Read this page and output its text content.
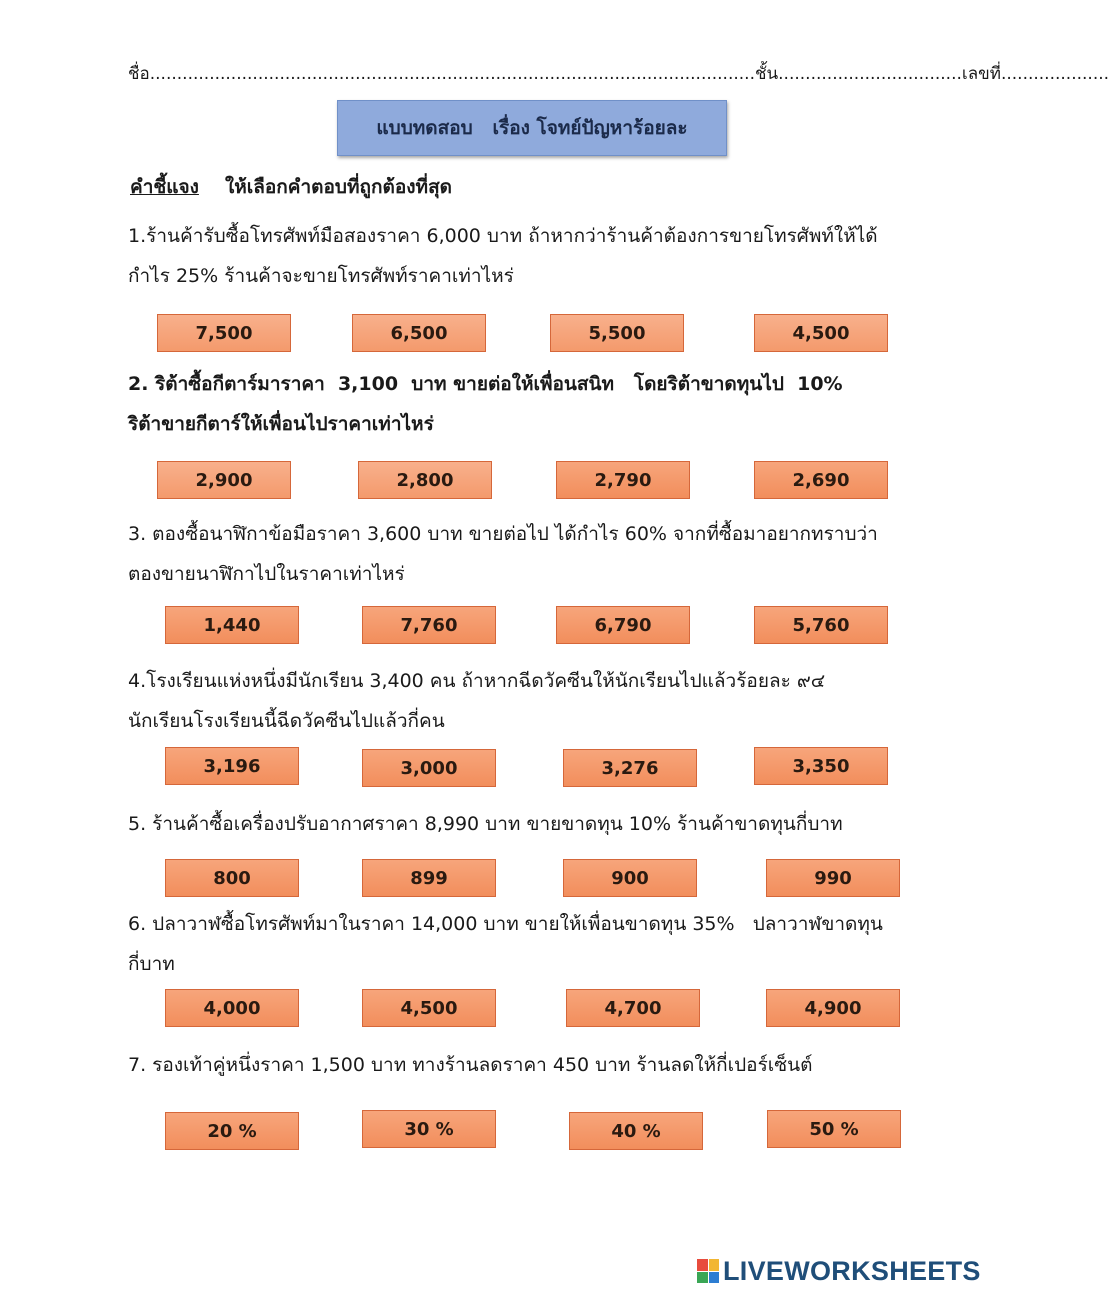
ชื่อ................................................................................................................ชั้น..................................เลขที่....................
แบบทดสอบ   เรื่อง โจทย์ปัญหาร้อยละ
คำชี้แจง ให้เลือกคำตอบที่ถูกต้องที่สุด
1.ร้านค้ารับซื้อโทรศัพท์มือสองราคา 6,000 บาท ถ้าหากว่าร้านค้าต้องการขายโทรศัพท์ให้ได้
กำไร 25% ร้านค้าจะขายโทรศัพท์ราคาเท่าไหร่
7,500	6,500	5,500	4,500
2. ริต้าซื้อกีตาร์มาราคา  3,100  บาท ขายต่อให้เพื่อนสนิท   โดยริต้าขาดทุนไป  10%
ริต้าขายกีตาร์ให้เพื่อนไปราคาเท่าไหร่
2,900	2,800	2,790	2,690
3. ตองซื้อนาฬิกาข้อมือราคา 3,600 บาท ขายต่อไป ได้กำไร 60% จากที่ซื้อมาอยากทราบว่า
ตองขายนาฬิกาไปในราคาเท่าไหร่
1,440	7,760	6,790	5,760
4.โรงเรียนแห่งหนึ่งมีนักเรียน 3,400 คน ถ้าหากฉีดวัคซีนให้นักเรียนไปแล้วร้อยละ ๙๔
นักเรียนโรงเรียนนี้ฉีดวัคซีนไปแล้วกี่คน
3,196	3,000	3,276	3,350
5. ร้านค้าซื้อเครื่องปรับอากาศราคา 8,990 บาท ขายขาดทุน 10% ร้านค้าขาดทุนกี่บาท
800	899	900	990
6. ปลาวาฬซื้อโทรศัพท์มาในราคา 14,000 บาท ขายให้เพื่อนขาดทุน 35%   ปลาวาฬขาดทุน
กี่บาท
4,000	4,500	4,700	4,900
7. รองเท้าคู่หนึ่งราคา 1,500 บาท ทางร้านลดราคา 450 บาท ร้านลดให้กี่เปอร์เซ็นต์
20 %	30 %	40 %	50 %
LIVEWORKSHEETS
